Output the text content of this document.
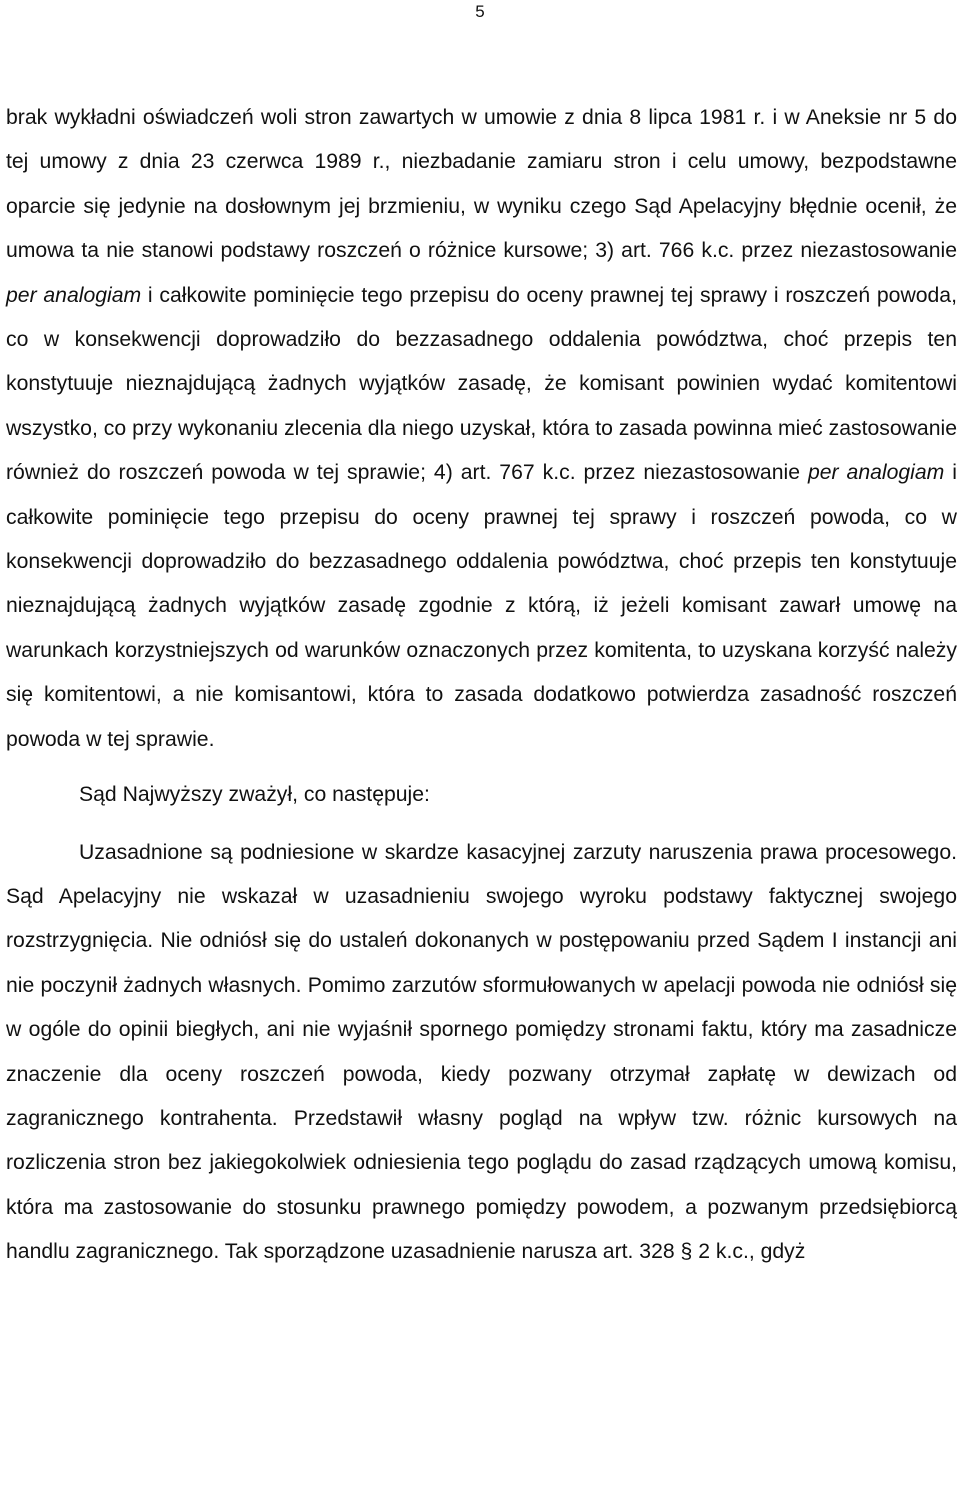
5

brak wykładni oświadczeń woli stron zawartych w umowie z dnia 8 lipca 1981 r. i w Aneksie nr 5 do tej umowy z dnia 23 czerwca 1989 r., niezbadanie zamiaru stron i celu umowy, bezpodstawne oparcie się jedynie na dosłownym jej brzmieniu, w wyniku czego Sąd Apelacyjny błędnie ocenił, że umowa ta nie stanowi podstawy roszczeń o różnice kursowe; 3) art. 766 k.c. przez niezastosowanie per analogiam i całkowite pominięcie tego przepisu do oceny prawnej tej sprawy i roszczeń powoda, co w konsekwencji doprowadziło do bezzasadnego oddalenia powództwa, choć przepis ten konstytuuje nieznajdującą żadnych wyjątków zasadę, że komisant powinien wydać komitentowi wszystko, co przy wykonaniu zlecenia dla niego uzyskał, która to zasada powinna mieć zastosowanie również do roszczeń powoda w tej sprawie; 4) art. 767 k.c. przez niezastosowanie per analogiam i całkowite pominięcie tego przepisu do oceny prawnej tej sprawy i roszczeń powoda, co w konsekwencji doprowadziło do bezzasadnego oddalenia powództwa, choć przepis ten konstytuuje nieznajdującą żadnych wyjątków zasadę zgodnie z którą, iż jeżeli komisant zawarł umowę na warunkach korzystniejszych od warunków oznaczonych przez komitenta, to uzyskana korzyść należy się komitentowi, a nie komisantowi, która to zasada dodatkowo potwierdza zasadność roszczeń powoda w tej sprawie.

Sąd Najwyższy zważył, co następuje:

Uzasadnione są podniesione w skardze kasacyjnej zarzuty naruszenia prawa procesowego. Sąd Apelacyjny nie wskazał w uzasadnieniu swojego wyroku podstawy faktycznej swojego rozstrzygnięcia. Nie odniósł się do ustaleń dokonanych w postępowaniu przed Sądem I instancji ani nie poczynił żadnych własnych. Pomimo zarzutów sformułowanych w apelacji powoda nie odniósł się w ogóle do opinii biegłych, ani nie wyjaśnił spornego pomiędzy stronami faktu, który ma zasadnicze znaczenie dla oceny roszczeń powoda, kiedy pozwany otrzymał zapłatę w dewizach od zagranicznego kontrahenta. Przedstawił własny pogląd na wpływ tzw. różnic kursowych na rozliczenia stron bez jakiegokolwiek odniesienia tego poglądu do zasad rządzących umową komisu, która ma zastosowanie do stosunku prawnego pomiędzy powodem, a pozwanym przedsiębiorcą handlu zagranicznego. Tak sporządzone uzasadnienie narusza art. 328 § 2 k.c., gdyż
